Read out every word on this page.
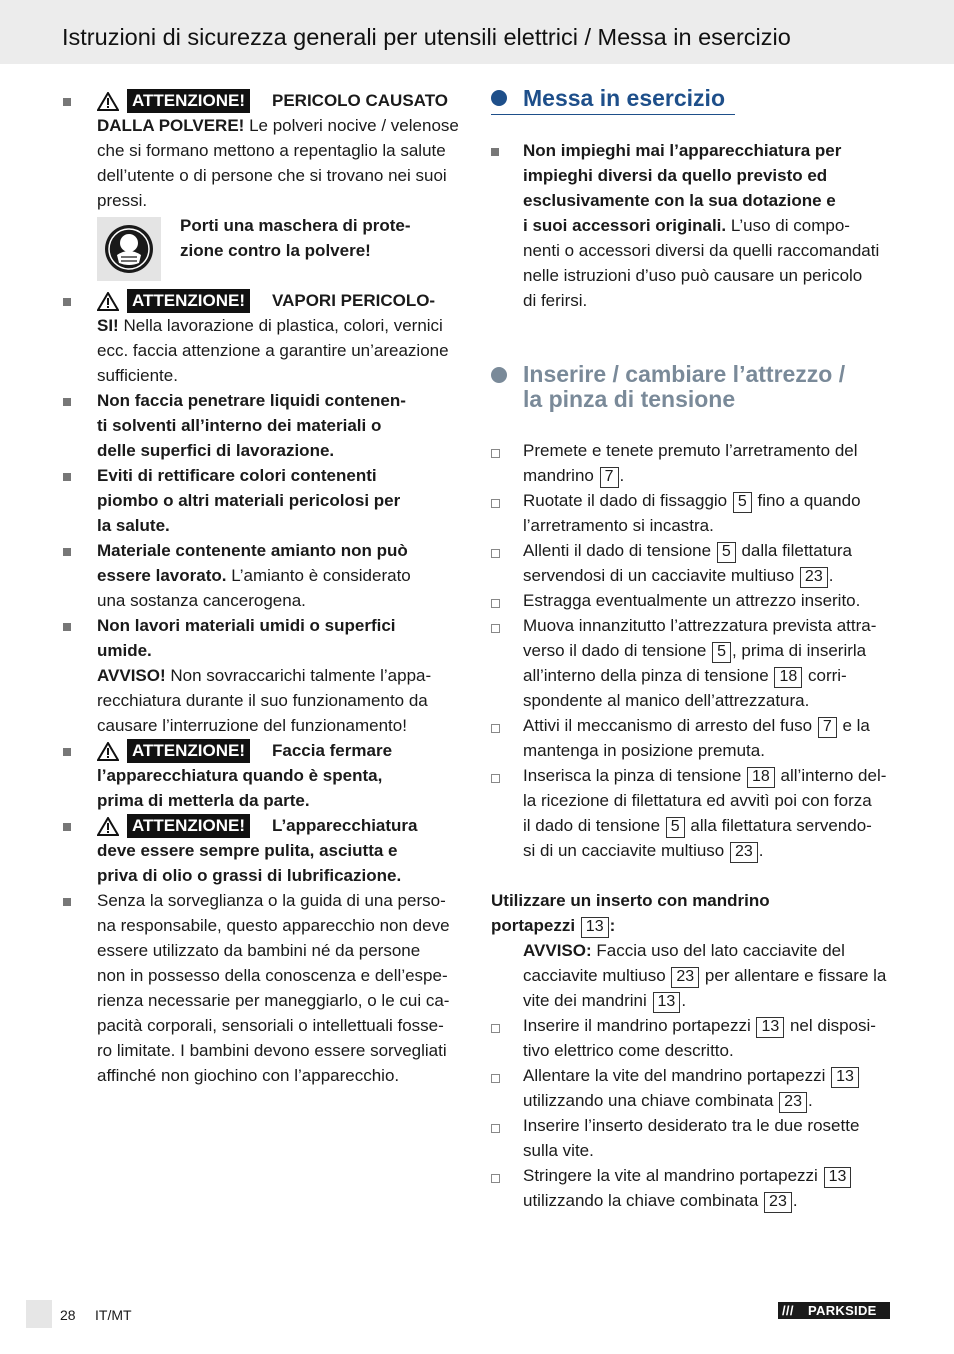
Istruzioni di sicurezza generali per utensili elettrici / Messa in esercizio
ATTENZIONE! PERICOLO CAUSATO
DALLA POLVERE! Le polveri nocive / velenose
che si formano mettono a repentaglio la salute
dell’utente o di persone che si trovano nei suoi
pressi.
Porti una maschera di prote-
zione contro la polvere!
ATTENZIONE! VAPORI PERICOLO-
SI! Nella lavorazione di plastica, colori, vernici
ecc. faccia attenzione a garantire un’areazione
sufficiente.
Non faccia penetrare liquidi contenen-
ti solventi all’interno dei materiali o
delle superfici di lavorazione.
Eviti di rettificare colori contenenti
piombo o altri materiali pericolosi per
la salute.
Materiale contenente amianto non può
essere lavorato. L’amianto è considerato
una sostanza cancerogena.
Non lavori materiali umidi o superfici
umide.
AVVISO! Non sovraccarichi talmente l’appa-
recchiatura durante il suo funzionamento da
causare l’interruzione del funzionamento!
ATTENZIONE! Faccia fermare
l’apparecchiatura quando è spenta,
prima di metterla da parte.
ATTENZIONE! L’apparecchiatura
deve essere sempre pulita, asciutta e
priva di olio o grassi di lubrificazione.
Senza la sorveglianza o la guida di una perso-
na responsabile, questo apparecchio non deve
essere utilizzato da bambini né da persone
non in possesso della conoscenza e dell’espe-
rienza necessarie per maneggiarlo, o le cui ca-
pacità corporali, sensoriali o intellettuali fosse-
ro limitate. I bambini devono essere sorvegliati
affinché non giochino con l’apparecchio.
Messa in esercizio
Non impieghi mai l’apparecchiatura per
impieghi diversi da quello previsto ed
esclusivamente con la sua dotazione e
i suoi accessori originali. L’uso di compo-
nenti o accessori diversi da quelli raccomandati
nelle istruzioni d’uso può causare un pericolo
di ferirsi.
Inserire / cambiare l’attrezzo /
la pinza di tensione
Premete e tenete premuto l’arretramento del
mandrino 7 .
Ruotate il dado di fissaggio 5 fino a quando
l’arretramento si incastra.
Allenti il dado di tensione 5 dalla filettatura
servendosi di un cacciavite multiuso 23 .
Estragga eventualmente un attrezzo inserito.
Muova innanzitutto l’attrezzatura prevista attra-
verso il dado di tensione 5 , prima di inserirla
all’interno della pinza di tensione 18 corri-
spondente al manico dell’attrezzatura.
Attivi il meccanismo di arresto del fuso 7 e la
mantenga in posizione premuta.
Inserisca la pinza di tensione 18 all’interno del-
la ricezione di filettatura ed avvitì poi con forza
il dado di tensione 5 alla filettatura servendo-
si di un cacciavite multiuso 23 .
Utilizzare un inserto con mandrino
portapezzi 13 :
AVVISO: Faccia uso del lato cacciavite del
cacciavite multiuso 23 per allentare e fissare la
vite dei mandrini 13 .
Inserire il mandrino portapezzi 13 nel disposi-
tivo elettrico come descritto.
Allentare la vite del mandrino portapezzi 13
utilizzando una chiave combinata 23 .
Inserire l’inserto desiderato tra le due rosette
sulla vite.
Stringere la vite al mandrino portapezzi 13
utilizzando la chiave combinata 23 .
28 IT/MT	/// PARKSIDE
